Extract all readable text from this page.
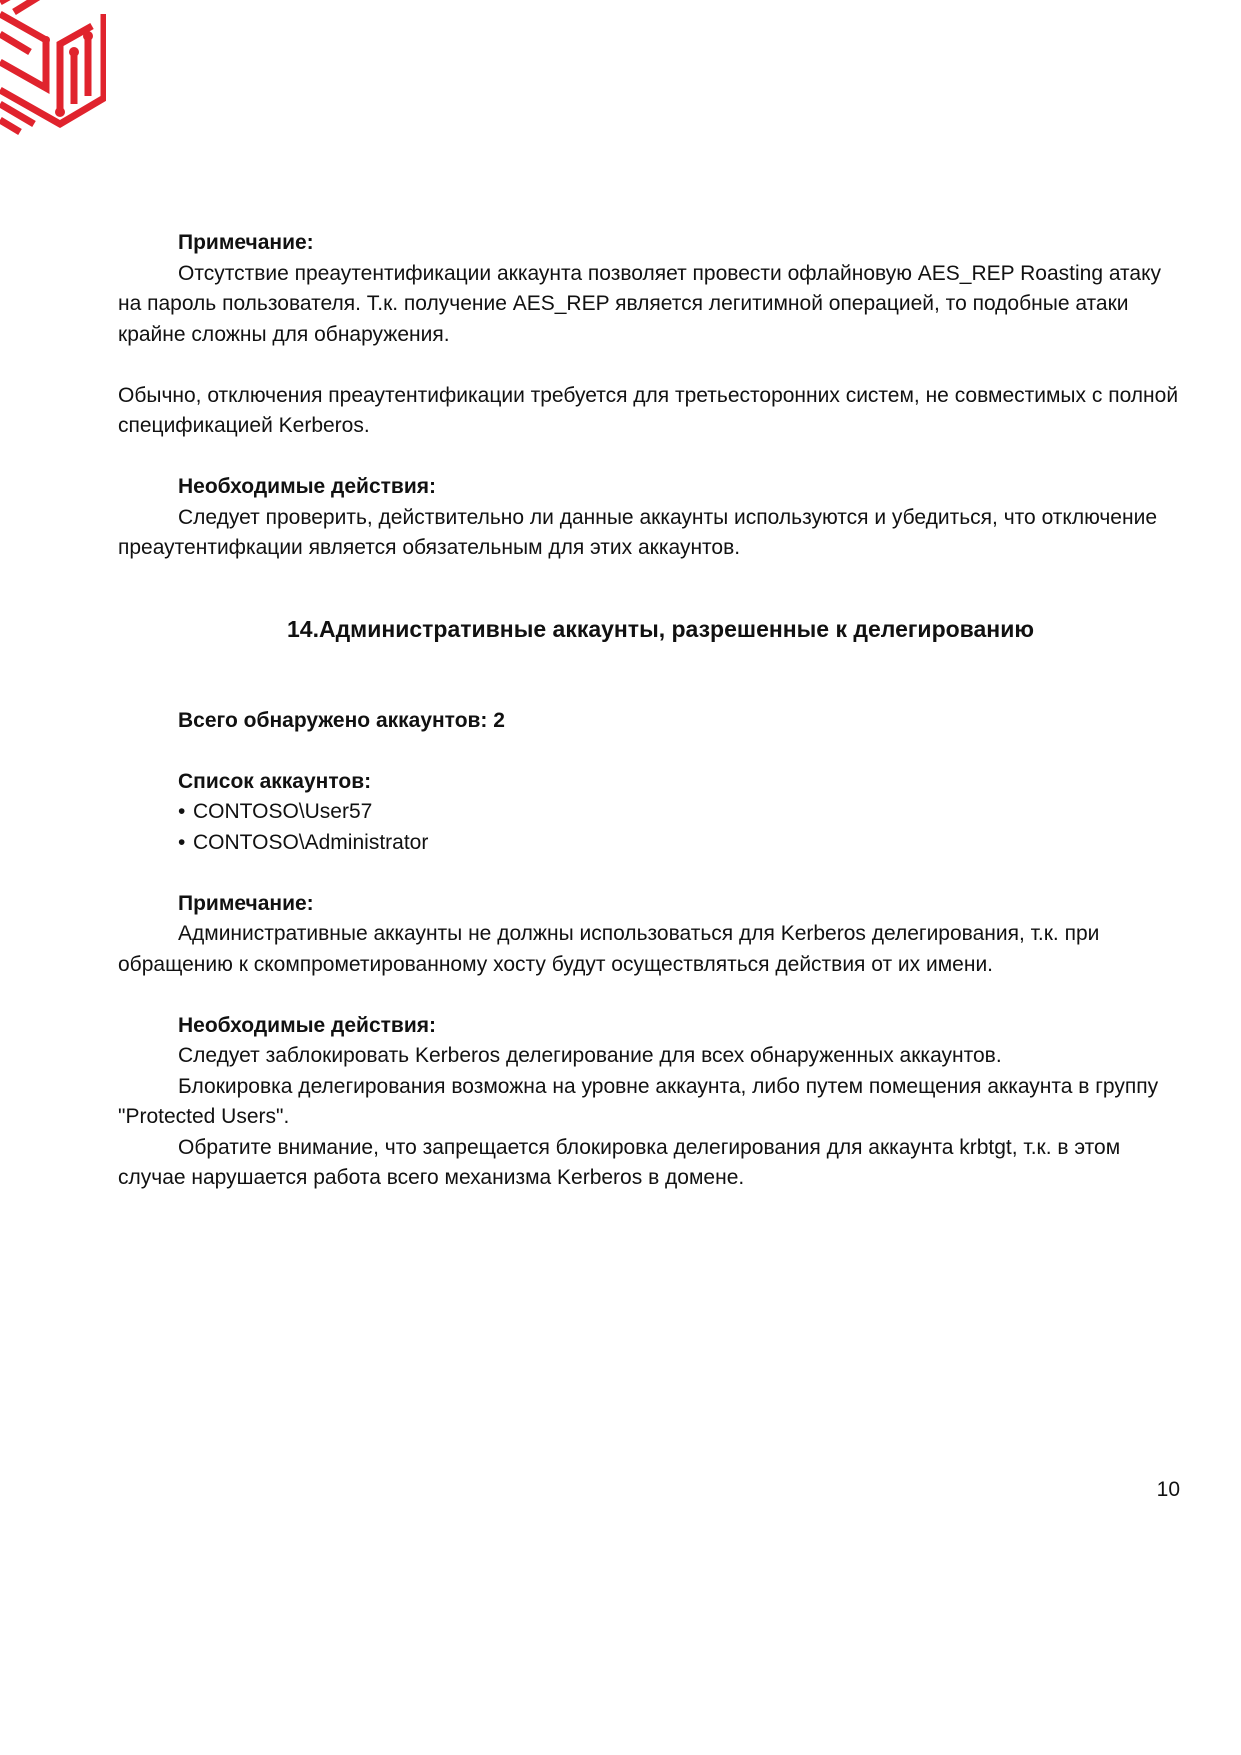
Примечание:

Отсутствие преаутентификации аккаунта позволяет провести офлайновую AES_REP Roasting атаку на пароль пользователя. Т.к. получение AES_REP является легитимной операцией, то подобные атаки крайне сложны для обнаружения.

Обычно, отключения преаутентификации требуется для третьесторонних систем, не совместимых с полной спецификацией Kerberos.

Необходимые действия:

Следует проверить, действительно ли данные аккаунты используются и убедиться, что отключение преаутентифкации является обязательным для этих аккаунтов.

14.Административные аккаунты, разрешенные к делегированию

Всего обнаружено аккаунтов: 2

Список аккаунтов:

• CONTOSO\User57
• CONTOSO\Administrator

Примечание:

Административные аккаунты не должны использоваться для Kerberos делегирования, т.к. при обращению к скомпрометированному хосту будут осуществляться действия от их имени.

Необходимые действия:

Следует заблокировать Kerberos делегирование для всех обнаруженных аккаунтов.

Блокировка делегирования возможна на уровне аккаунта, либо путем помещения аккаунта в группу "Protected Users".

Обратите внимание, что запрещается блокировка делегирования для аккаунта krbtgt, т.к. в этом случае нарушается работа всего механизма Kerberos в домене.

10
